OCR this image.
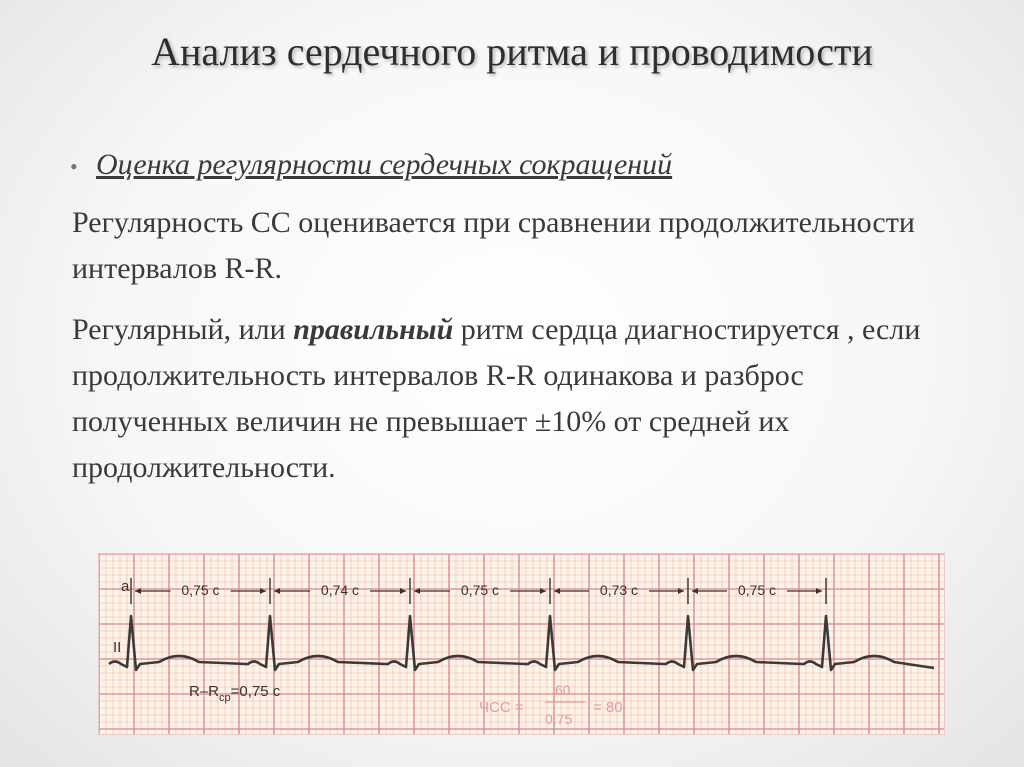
Анализ сердечного ритма и проводимости
• Оценка регулярности сердечных сокращений
Регулярность СС оценивается при сравнении продолжительности интервалов R-R.
Регулярный, или правильный ритм сердца диагностируется , если продолжительность интервалов R-R одинакова и разброс полученных величин не превышает ±10% от средней их продолжительности.
0,75 с	0,74 с	0,75 с	0,73 с	0,75 с
a
II
$R-R_{ср}=0,75$ с
ЧСС =
60
0,75
= 80
